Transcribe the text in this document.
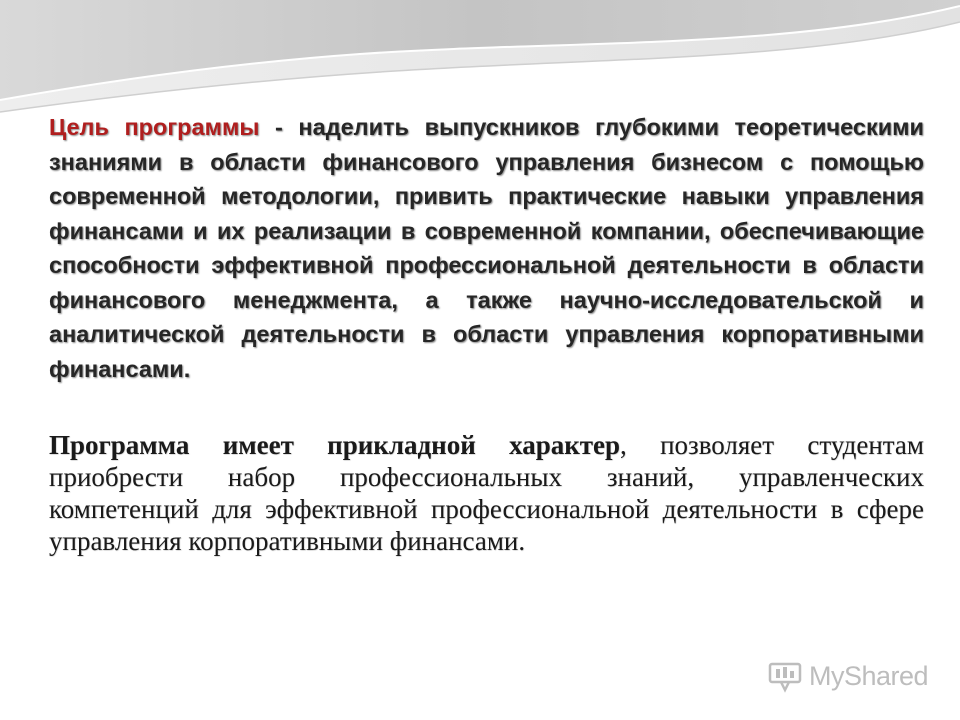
Цель программы - наделить выпускников глубокими теоретическими знаниями в области финансового управления бизнесом с помощью современной методологии, привить практические навыки управления финансами и их реализации в современной компании, обеспечивающие способности эффективной профессиональной деятельности в области финансового менеджмента, а также научно-исследовательской и аналитической деятельности в области управления корпоративными финансами.

Программа имеет прикладной характер, позволяет студентам приобрести набор профессиональных знаний, управленческих компетенций для эффективной профессиональной деятельности в сфере управления корпоративными финансами.

MyShared
